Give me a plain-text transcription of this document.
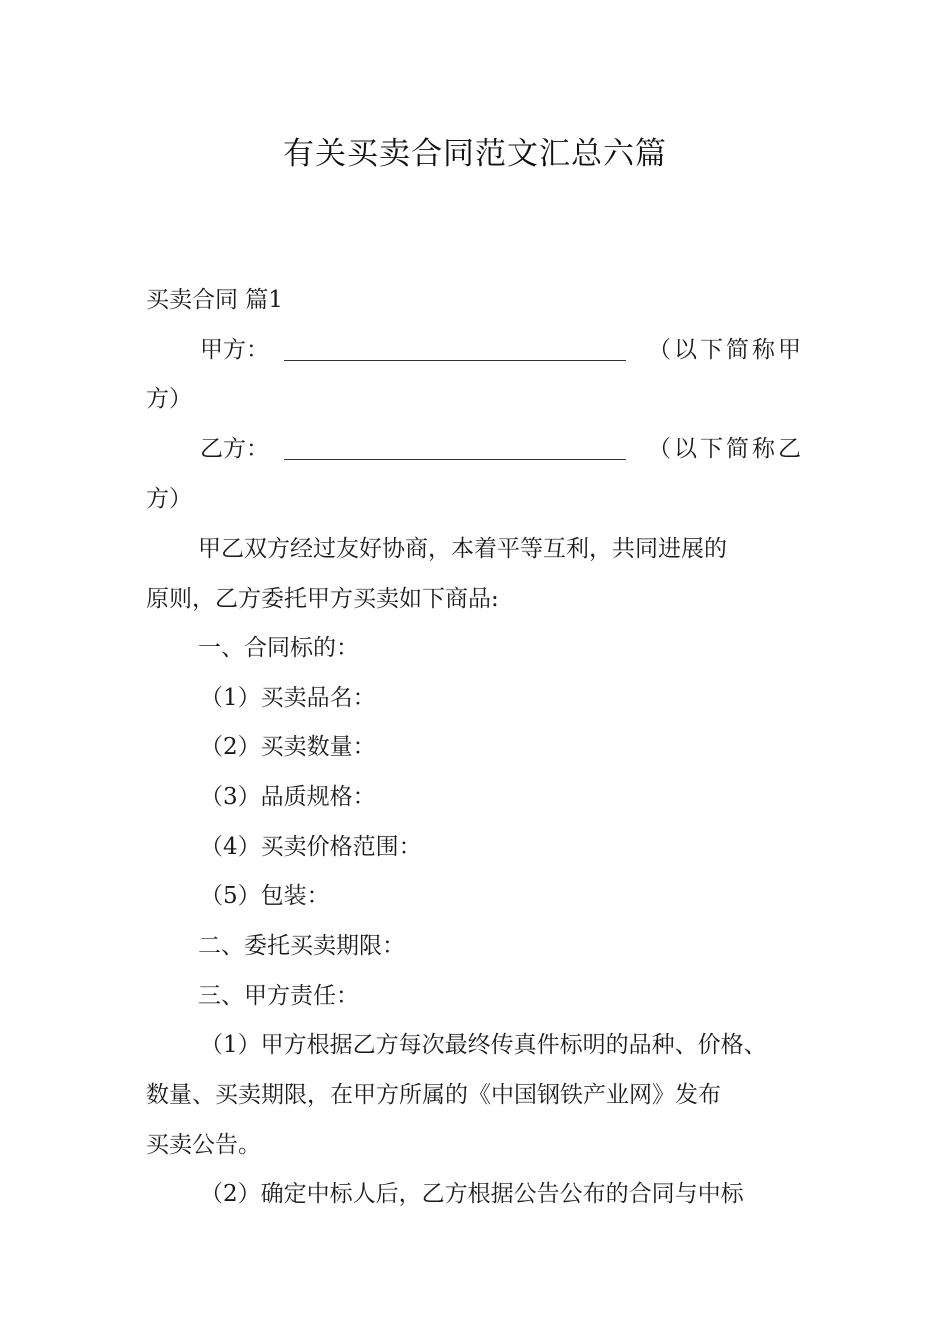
有关买卖合同范文汇总六篇
买卖合同 篇1
甲方：	（以下简称甲
方）
乙方：	（以下简称乙
方）
甲乙双方经过友好协商，本着平等互利，共同进展的
原则，乙方委托甲方买卖如下商品:
一、合同标的：
（1）买卖品名：
（2）买卖数量：
（3）品质规格：
（4）买卖价格范围：
（5）包装：
二、委托买卖期限：
三、甲方责任：
（1）甲方根据乙方每次最终传真件标明的品种、价格、
数量、买卖期限，在甲方所属的《中国钢铁产业网》发布
买卖公告。
（2）确定中标人后，乙方根据公告公布的合同与中标
